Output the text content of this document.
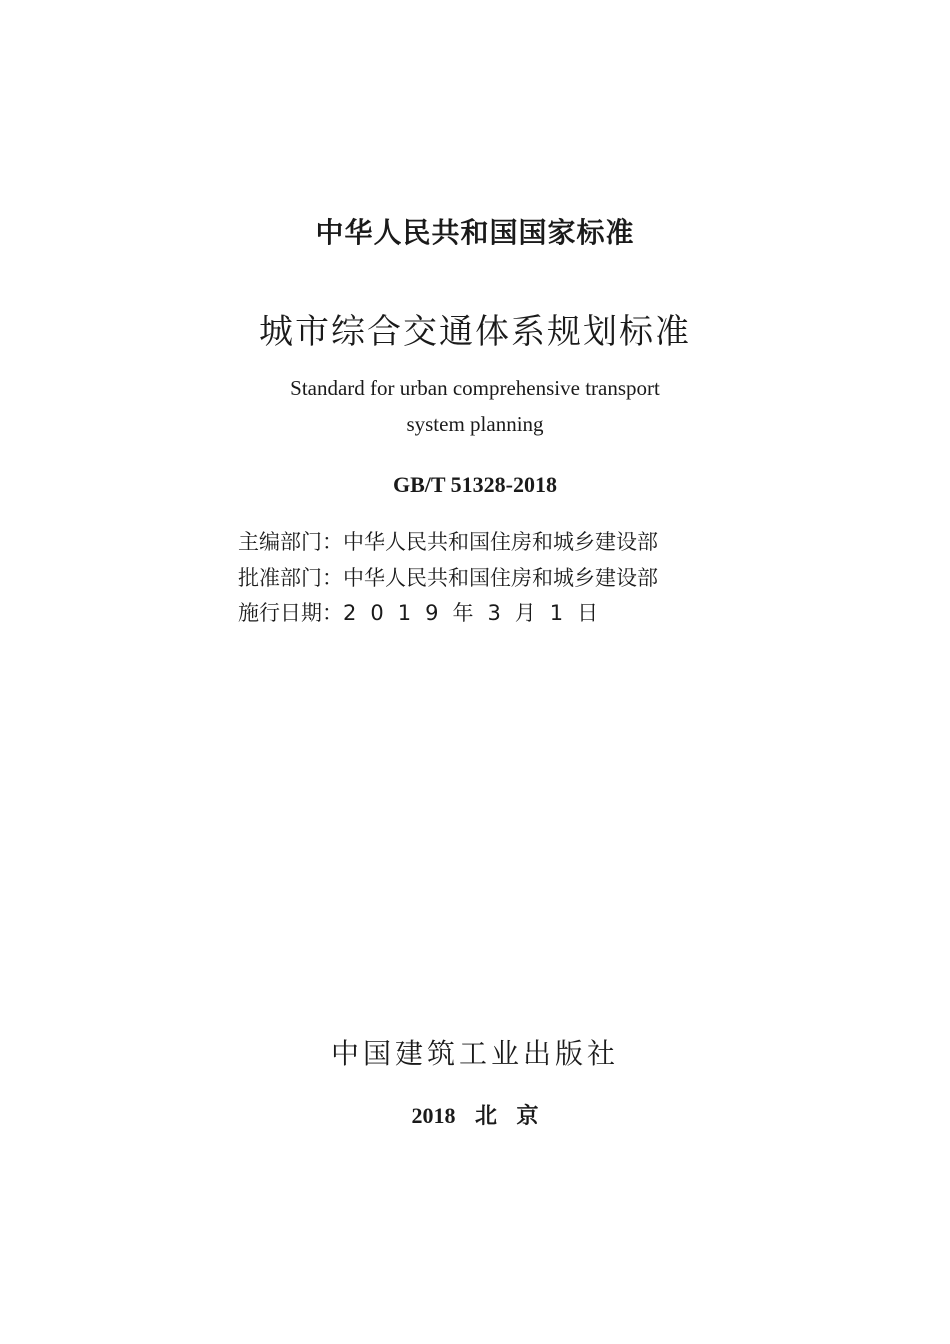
中华人民共和国国家标准
城市综合交通体系规划标准
Standard for urban comprehensive transport
system planning
GB/T 51328-2018
主编部门： 中华人民共和国住房和城乡建设部
批准部门： 中华人民共和国住房和城乡建设部
施行日期： 2019年3月1日
中国建筑工业出版社
2018 北 京
